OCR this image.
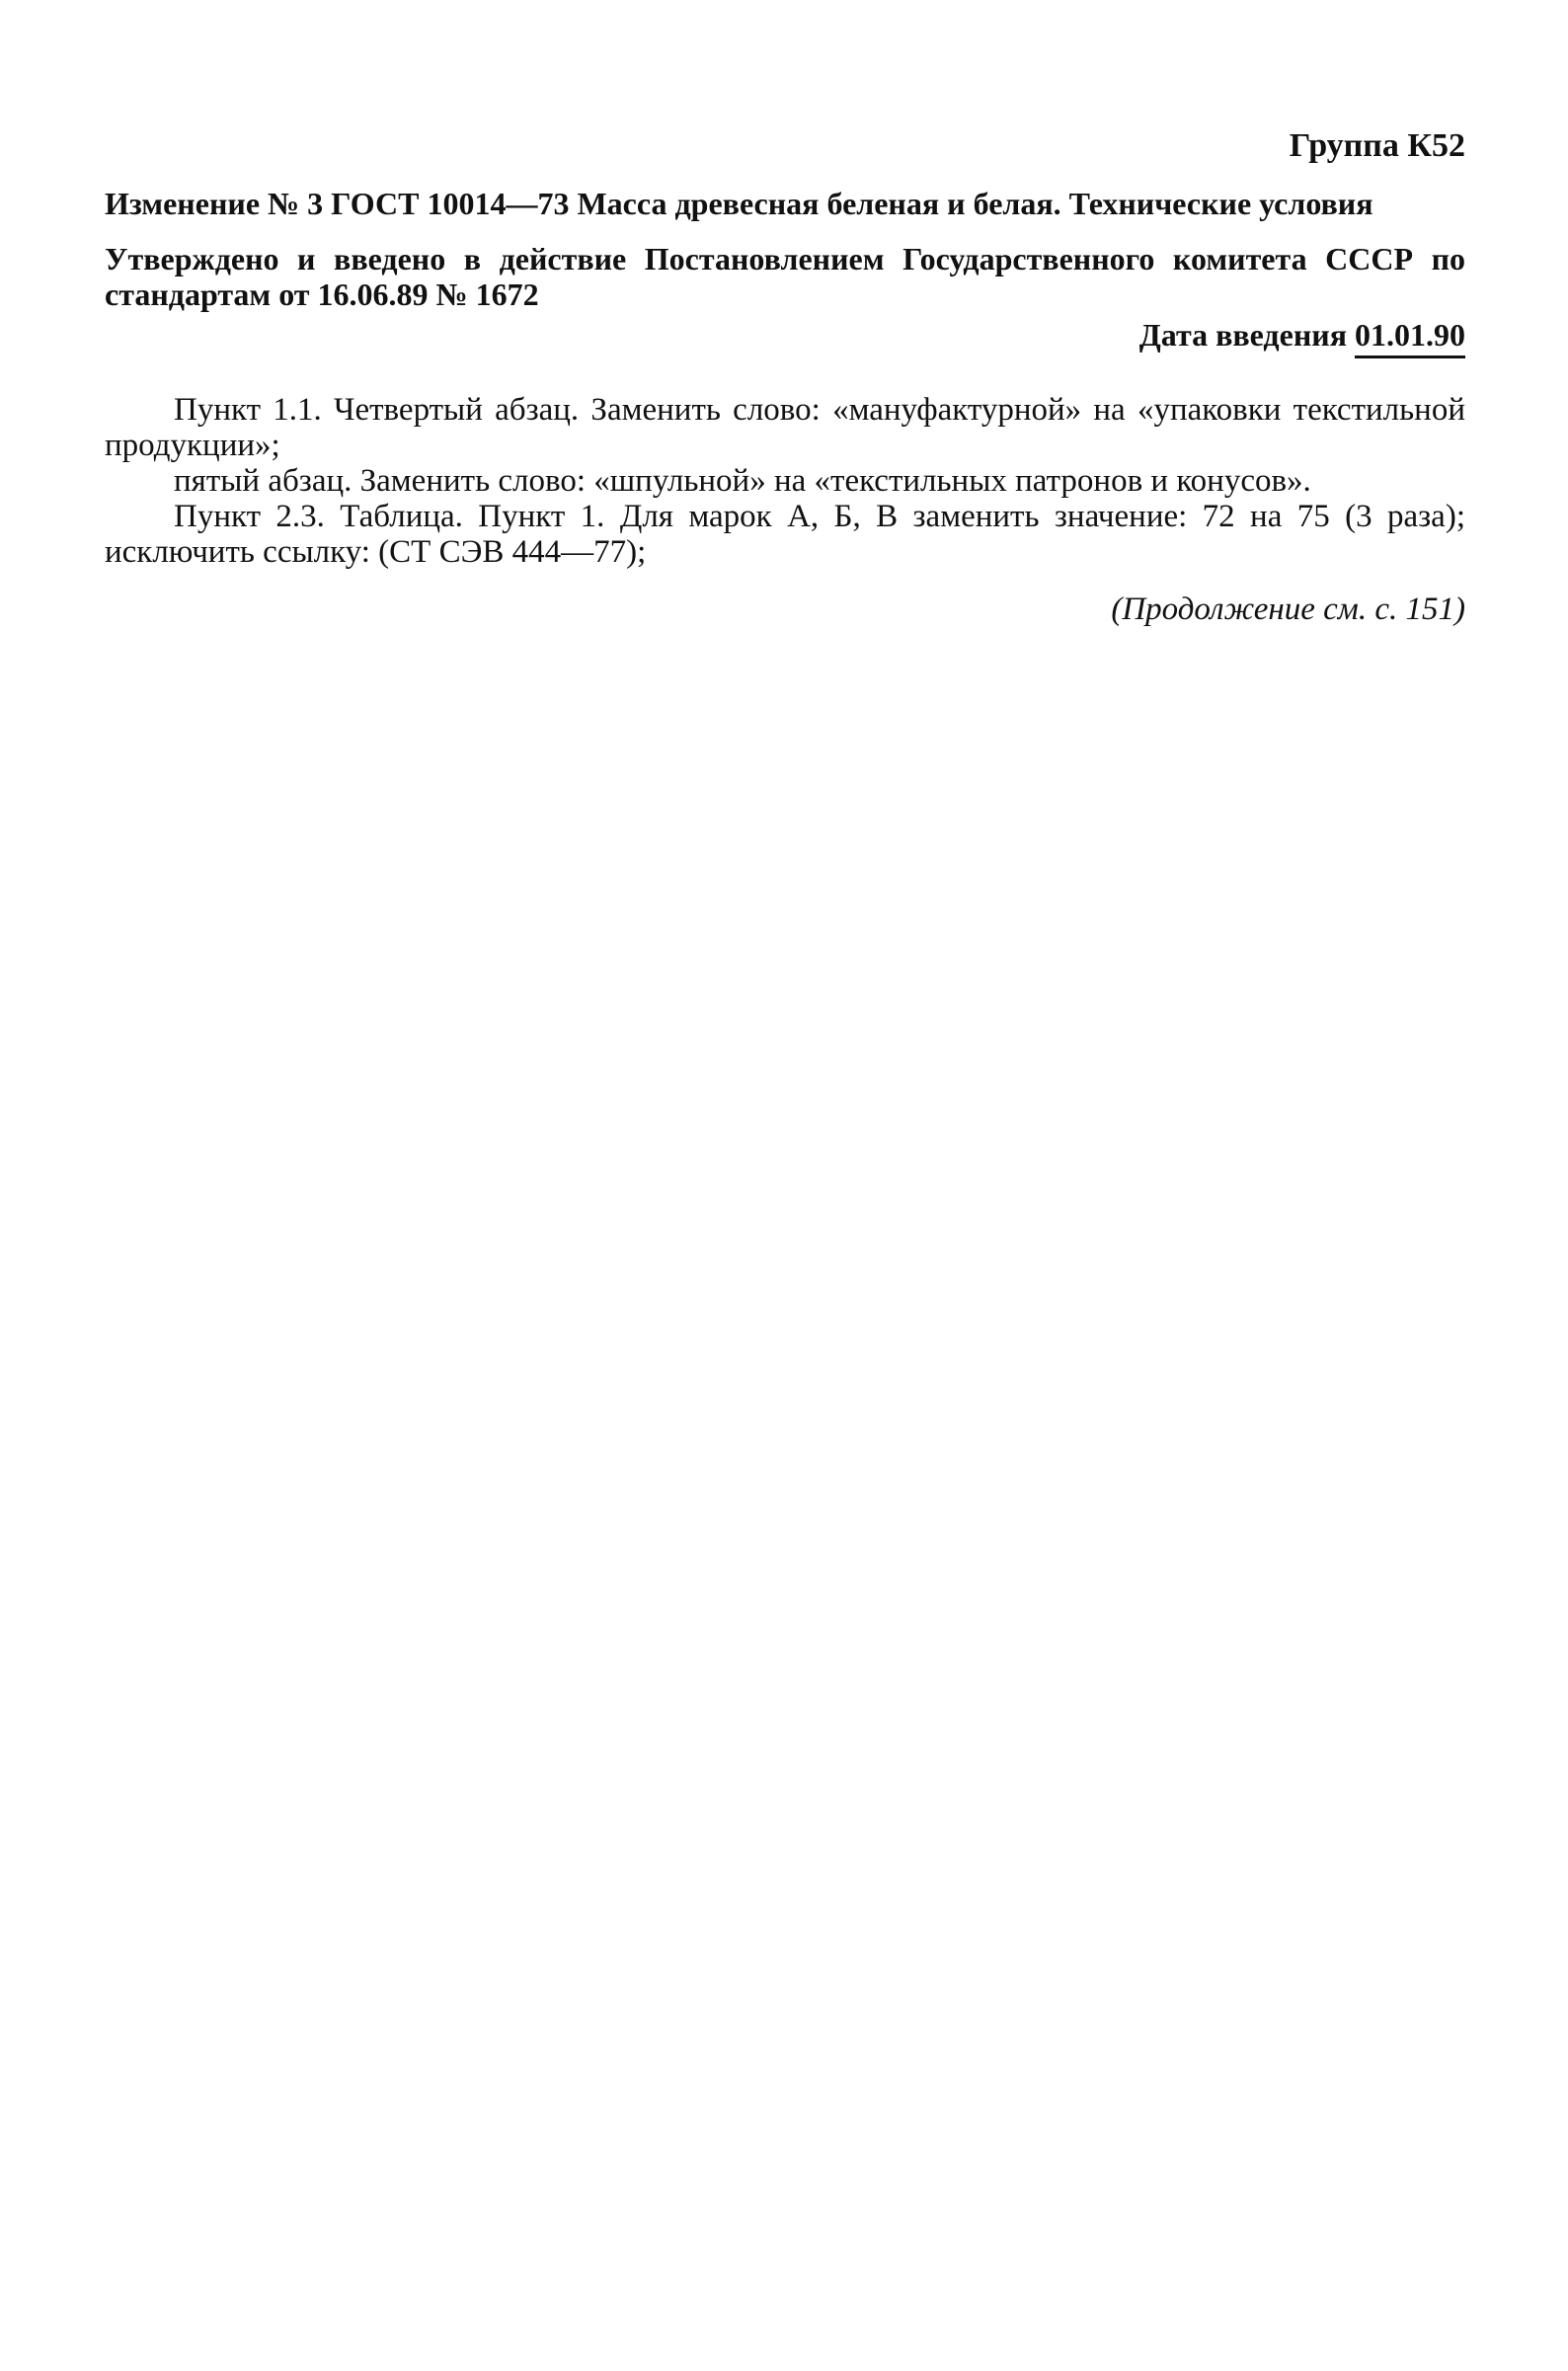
Группа К52
Изменение № 3 ГОСТ 10014—73 Масса древесная беленая и белая. Технические условия
Утверждено и введено в действие Постановлением Государственного комитета СССР по стандартам от 16.06.89 № 1672
Дата введения 01.01.90

Пункт 1.1. Четвертый абзац. Заменить слово: «мануфактурной» на «упаковки текстильной продукции»;

пятый абзац. Заменить слово: «шпульной» на «текстильных патронов и конусов».

Пункт 2.3. Таблица. Пункт 1. Для марок А, Б, В заменить значение: 72 на 75 (3 раза); исключить ссылку: (СТ СЭВ 444—77);

(Продолжение см. с. 151)
